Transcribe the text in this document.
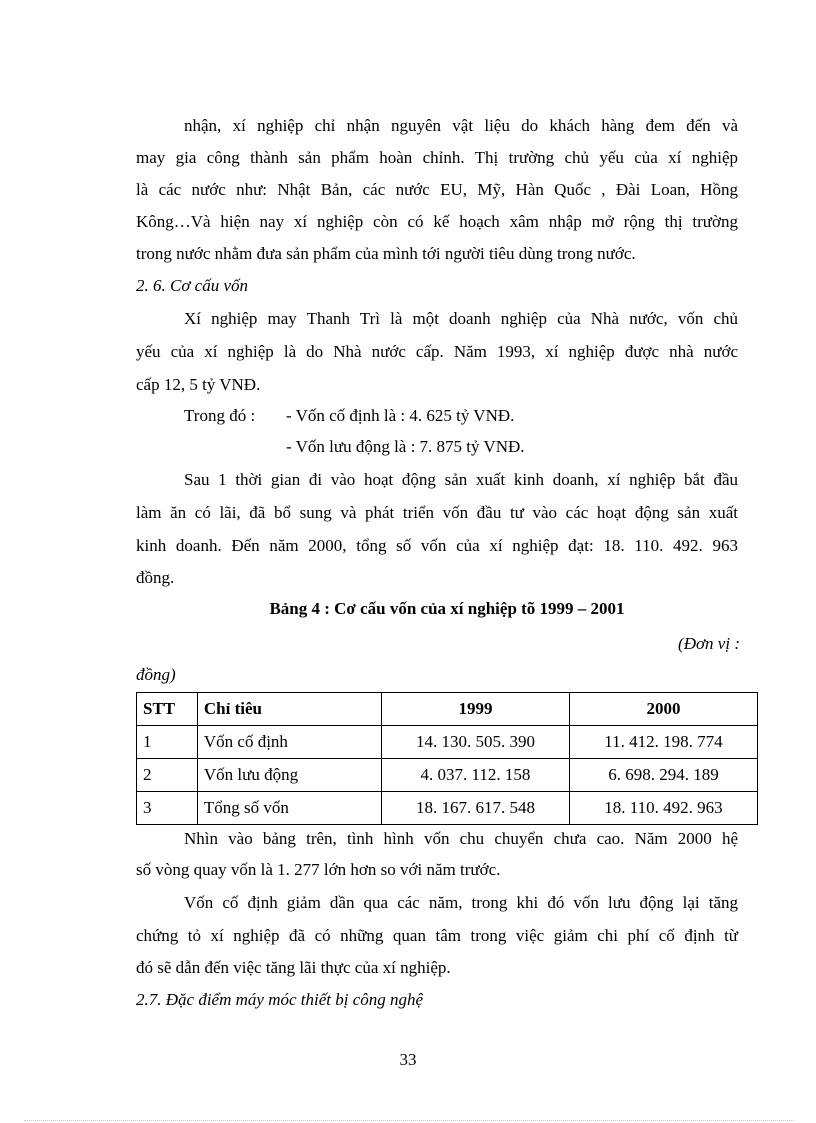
nhận, xí nghiệp chỉ nhận nguyên vật liệu do khách hàng đem đến và
may gia công thành sản phẩm hoàn chỉnh. Thị trường chủ yếu của xí nghiệp
là các nước như: Nhật Bản, các nước EU, Mỹ, Hàn Quốc , Đài Loan, Hồng
Kông…Và hiện nay xí nghiệp còn có kế hoạch xâm nhập mở rộng thị trường
trong nước nhằm đưa sản phẩm của mình tới người tiêu dùng trong nước.
2. 6. Cơ cấu vốn
Xí nghiệp may Thanh Trì là một doanh nghiệp của Nhà nước, vốn chủ
yếu của xí nghiệp là do Nhà nước cấp. Năm 1993, xí nghiệp được nhà nước
cấp 12, 5 tỷ VNĐ.
Trong đó :	- Vốn cố định là : 4. 625 tỷ VNĐ.
- Vốn lưu động là : 7. 875 tỷ VNĐ.
Sau 1 thời gian đi vào hoạt động sản xuất kinh doanh, xí nghiệp bắt đầu
làm ăn có lãi, đã bổ sung và phát triển vốn đầu tư vào các hoạt động sản xuất
kinh doanh. Đến năm 2000, tổng số vốn của xí nghiệp đạt: 18. 110. 492. 963
đồng.
Bảng 4 : Cơ cấu vốn của xí nghiệp tõ 1999 – 2001
(Đơn vị :
đồng)
STT	Chỉ tiêu	1999	2000
1	Vốn cố định	14. 130. 505. 390	11. 412. 198. 774
2	Vốn lưu động	4. 037. 112. 158	6. 698. 294. 189
3	Tổng số vốn	18. 167. 617. 548	18. 110. 492. 963
Nhìn vào bảng trên, tình hình vốn chu chuyển chưa cao. Năm 2000 hệ
số vòng quay vốn là 1. 277 lớn hơn so với năm trước.
Vốn cố định giảm dần qua các năm, trong khi đó vốn lưu động lại tăng
chứng tỏ xí nghiệp đã có những quan tâm trong việc giảm chi phí cố định từ
đó sẽ dẫn đến việc tăng lãi thực của xí nghiệp.
2.7. Đặc điểm máy móc thiết bị công nghệ
33
